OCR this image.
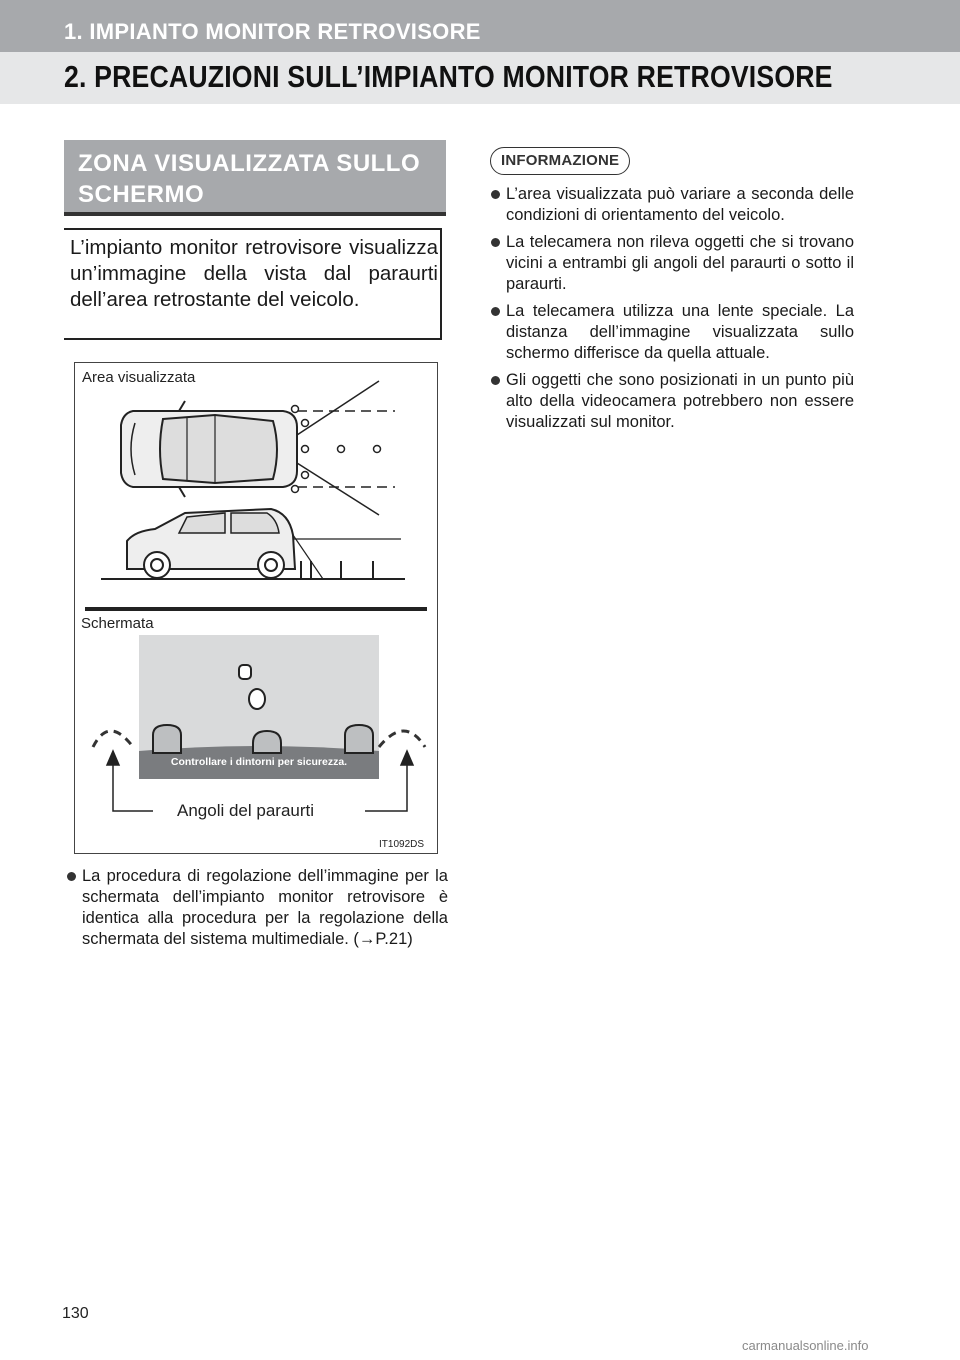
1. IMPIANTO MONITOR RETROVISORE
2. PRECAUZIONI SULL’IMPIANTO MONITOR RETROVISORE
ZONA VISUALIZZATA SULLO
SCHERMO

L’impianto monitor retrovisore visualizza un’immagine della vista dal paraurti dell’area retrostante del veicolo.

Area visualizzata
Schermata
Controllare i dintorni per sicurezza.
Angoli del paraurti
IT1092DS
La procedura di regolazione dell’immagine per la schermata dell’impianto monitor retrovisore è identica alla procedura per la regolazione della schermata del sistema multimediale. (→P.21)
INFORMAZIONE
L’area visualizzata può variare a seconda delle condizioni di orientamento del veicolo.
La telecamera non rileva oggetti che si trovano vicini a entrambi gli angoli del paraurti o sotto il paraurti.
La telecamera utilizza una lente speciale. La distanza dell’immagine visualizzata sullo schermo differisce da quella attuale.
Gli oggetti che sono posizionati in un punto più alto della videocamera potrebbero non essere visualizzati sul monitor.
130
carmanualsonline.info
